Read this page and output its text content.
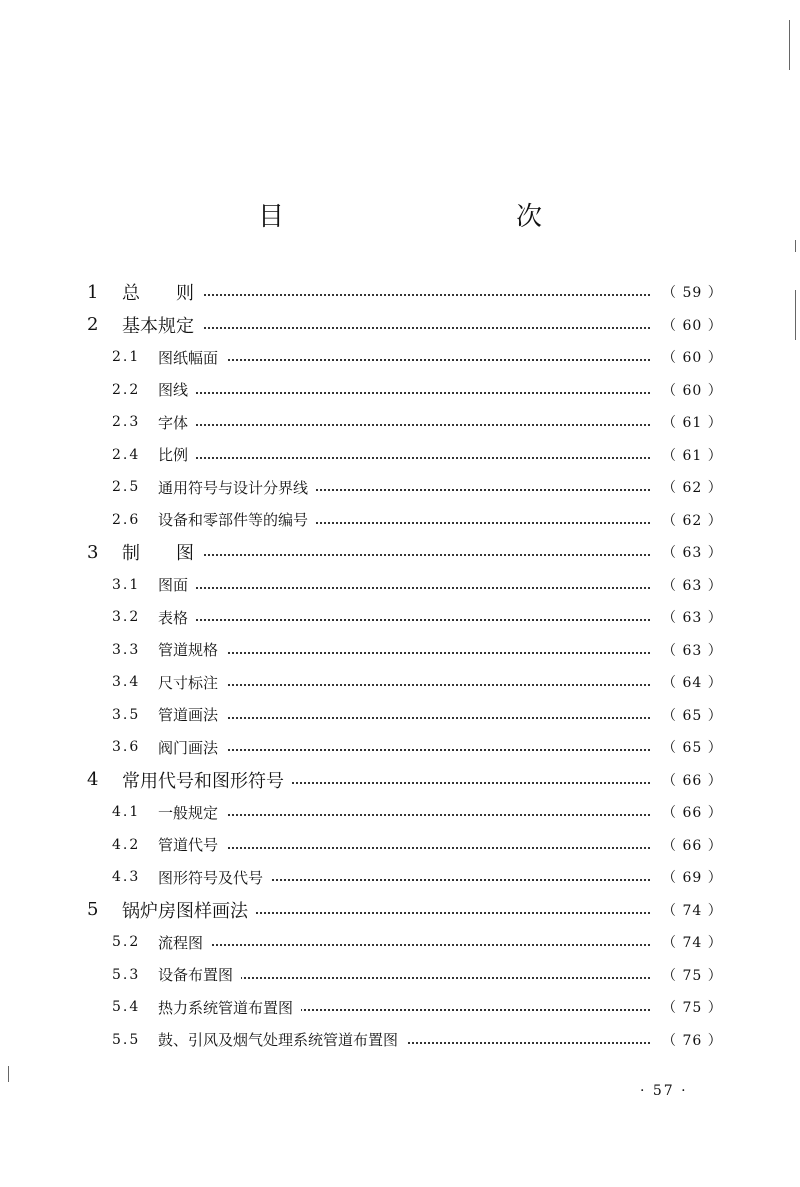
目　　次
1 总　　则	（ 59 ）
2 基本规定	（ 60 ）
2.1 图纸幅面	（ 60 ）
2.2 图线	（ 60 ）
2.3 字体	（ 61 ）
2.4 比例	（ 61 ）
2.5 通用符号与设计分界线	（ 62 ）
2.6 设备和零部件等的编号	（ 62 ）
3 制　　图	（ 63 ）
3.1 图面	（ 63 ）
3.2 表格	（ 63 ）
3.3 管道规格	（ 63 ）
3.4 尺寸标注	（ 64 ）
3.5 管道画法	（ 65 ）
3.6 阀门画法	（ 65 ）
4 常用代号和图形符号	（ 66 ）
4.1 一般规定	（ 66 ）
4.2 管道代号	（ 66 ）
4.3 图形符号及代号	（ 69 ）
5 锅炉房图样画法	（ 74 ）
5.2 流程图	（ 74 ）
5.3 设备布置图	（ 75 ）
5.4 热力系统管道布置图	（ 75 ）
5.5 鼓、引风及烟气处理系统管道布置图	（ 76 ）
· 57 ·
